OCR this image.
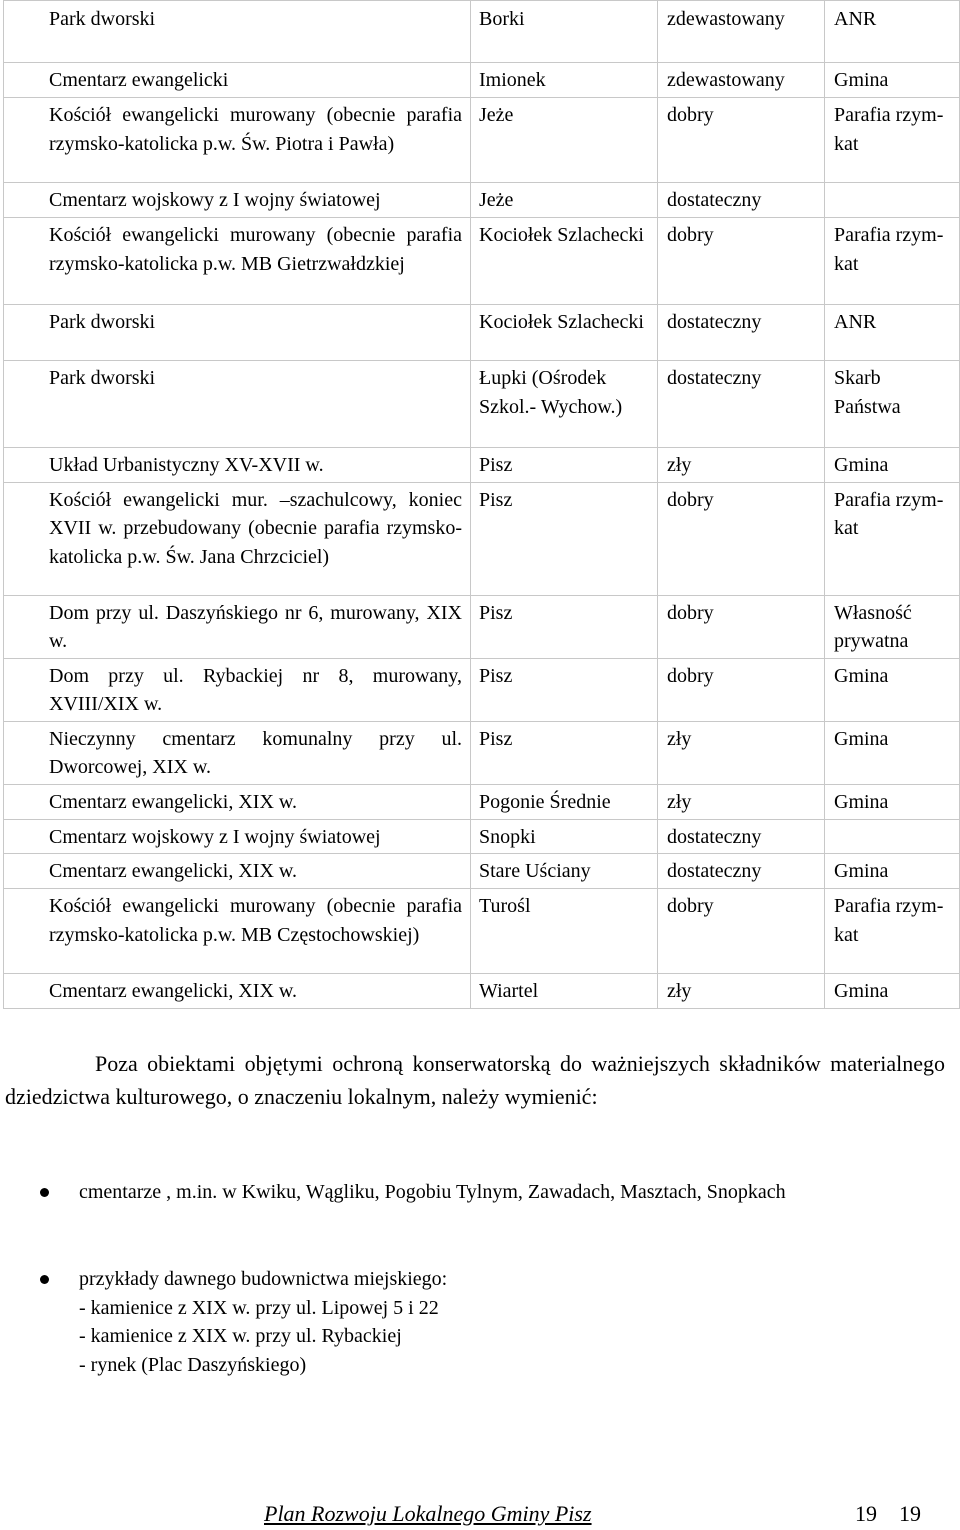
Park dworski	Borki	zdewastowany	ANR
Cmentarz ewangelicki	Imionek	zdewastowany	Gmina
Kościół ewangelicki murowany (obecnie parafia rzymsko-katolicka p.w. Św. Piotra i Pawła)	Jeże	dobry	Parafia rzym-kat
Cmentarz wojskowy z I wojny światowej	Jeże	dostateczny	
Kościół ewangelicki murowany (obecnie parafia rzymsko-katolicka p.w. MB Gietrzwałdzkiej	Kociołek Szlachecki	dobry	Parafia rzym-kat
Park dworski	Kociołek Szlachecki	dostateczny	ANR
Park dworski	Łupki (Ośrodek Szkol.- Wychow.)	dostateczny	Skarb Państwa
Układ Urbanistyczny XV-XVII w.	Pisz	zły	Gmina
Kościół ewangelicki mur. –szachulcowy, koniec XVII w. przebudowany (obecnie parafia rzymsko-katolicka p.w. Św. Jana Chrzciciel)	Pisz	dobry	Parafia rzym-kat
Dom przy ul. Daszyńskiego nr 6, murowany, XIX w.	Pisz	dobry	Własność prywatna
Dom przy ul. Rybackiej nr 8, murowany, XVIII/XIX w.	Pisz	dobry	Gmina
Nieczynny cmentarz komunalny przy ul. Dworcowej, XIX w.	Pisz	zły	Gmina
Cmentarz ewangelicki, XIX w.	Pogonie Średnie	zły	Gmina
Cmentarz wojskowy z I wojny światowej	Snopki	dostateczny	
Cmentarz ewangelicki, XIX w.	Stare Uściany	dostateczny	Gmina
Kościół ewangelicki murowany (obecnie parafia rzymsko-katolicka p.w. MB Częstochowskiej)	Turośl	dobry	Parafia rzym-kat
Cmentarz ewangelicki, XIX w.	Wiartel	zły	Gmina
Poza obiektami objętymi ochroną konserwatorską do ważniejszych składników materialnego dziedzictwa kulturowego, o znaczeniu lokalnym, należy wymienić:
cmentarze , m.in. w Kwiku, Wągliku, Pogobiu Tylnym, Zawadach, Masztach, Snopkach
przykłady dawnego budownictwa miejskiego:
- kamienice z XIX w. przy ul. Lipowej 5 i 22
- kamienice z XIX w. przy ul. Rybackiej
- rynek (Plac Daszyńskiego)
Plan Rozwoju Lokalnego Gminy Pisz	19 19
